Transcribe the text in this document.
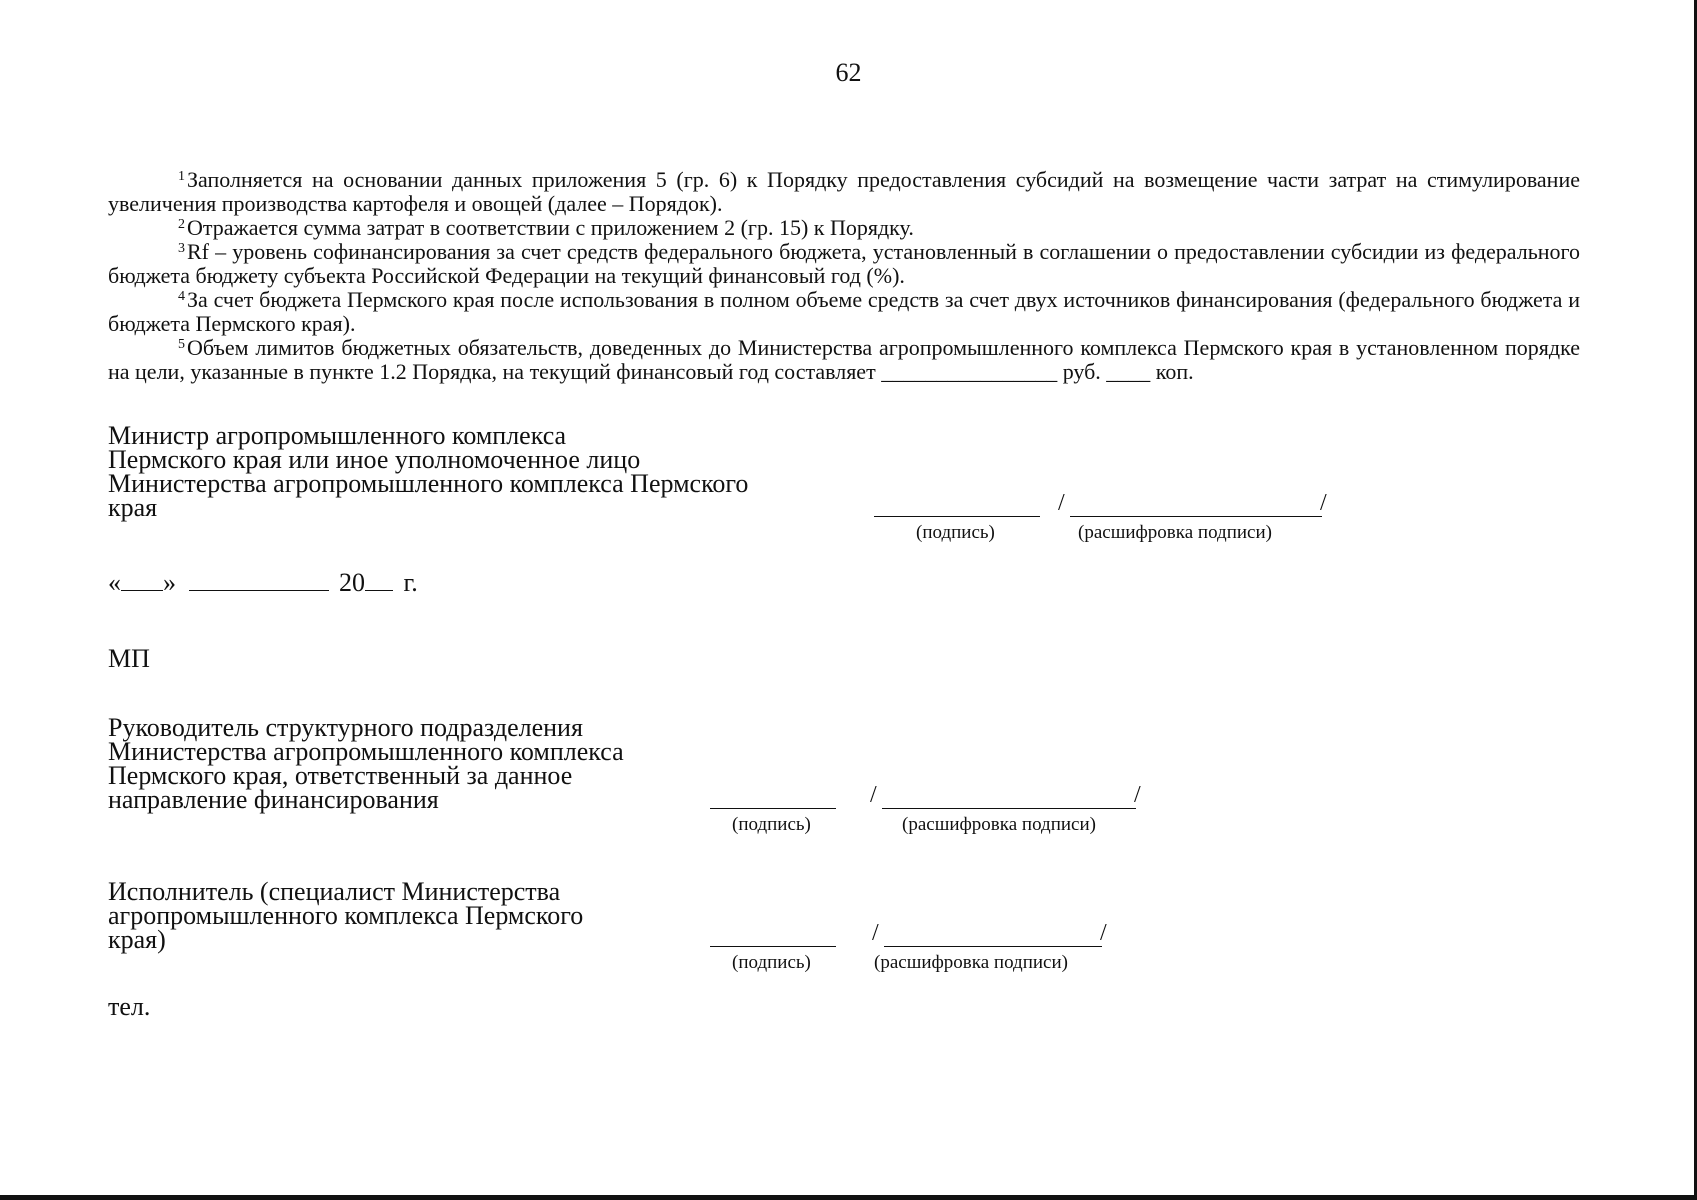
62
$^1$Заполняется на основании данных приложения 5 (гр. 6) к Порядку предоставления субсидий на возмещение части затрат на стимулирование увеличения производства картофеля и овощей (далее – Порядок).
$^2$Отражается сумма затрат в соответствии с приложением 2 (гр. 15) к Порядку.
$^3$Rf – уровень софинансирования за счет средств федерального бюджета, установленный в соглашении о предоставлении субсидии из федерального бюджета бюджету субъекта Российской Федерации на текущий финансовый год (%).
$^4$За счет бюджета Пермского края после использования в полном объеме средств за счет двух источников финансирования (федерального бюджета и бюджета Пермского края).
$^5$Объем лимитов бюджетных обязательств, доведенных до Министерства агропромышленного комплекса Пермского края в установленном порядке на цели, указанные в пункте 1.2 Порядка, на текущий финансовый год составляет ________________ руб. ____ коп.
Министр агропромышленного комплекса
Пермского края или иное уполномоченное лицо
Министерства агропромышленного комплекса Пермского
края	/	/
(подпись)	(расшифровка подписи)
« »	20 г.
МП
Руководитель структурного подразделения
Министерства агропромышленного комплекса
Пермского края, ответственный за данное
направление финансирования	/	/
(подпись)	(расшифровка подписи)
Исполнитель (специалист Министерства
агропромышленного комплекса Пермского
края)	/	/
(подпись)	(расшифровка подписи)
тел.
